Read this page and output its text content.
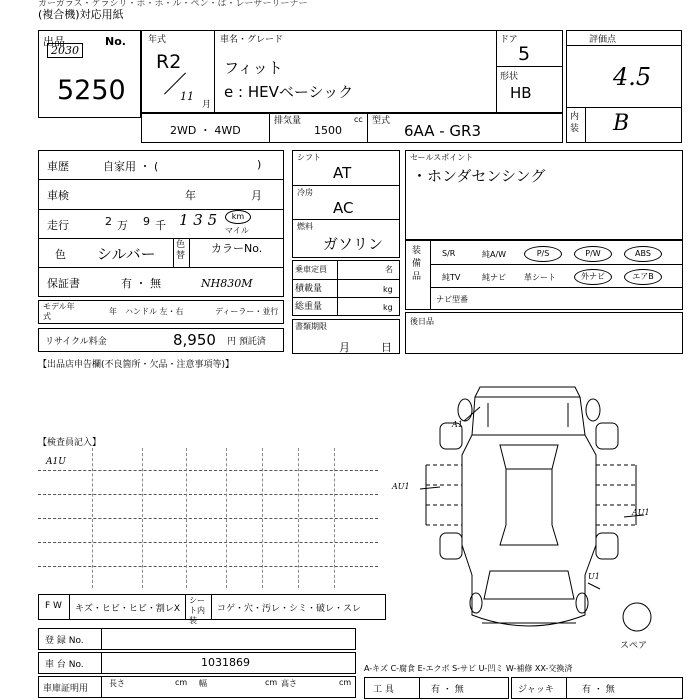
カーガラス・ケラシリ・ボ・ホ・ル・ペン・は・レーザーリーナー
(複合機)対応用紙
出品	No.
2030
5250
年式
R2
11
月
車名・グレード
フィット
e : HEVベーシック
ドア
5
形状
HB
2WD ・ 4WD
排気量
1500
cc 型式
6AA - GR3
評価点
4.5
内装 B
車歴	自家用 ・ (	)
車検	年	月
走行	2 万 9 千 1 3 5	km
マイル
色 シルバー 色替
カラーNo.
保証書	有 ・ 無	NH830M
モデル年式
年 ハンドル 左・右	ディーラー・並行
リサイクル料金	8,950 円 預託済
シフト
AT
冷房
AC
燃料
ガソリン
乗車定員	名
積載量	kg
総重量	kg
書類期限
月	日
セールスポイント
・ホンダセンシング
装備品
S/R	純A/W	P/S	P/W	ABS
純TV	純ナビ 革シート	外ナビ	エアB
ナビ型番
後日品
【出品店申告欄(不良箇所・欠品・注意事項等)】
【検査員記入】
A1U
A1
AU1
AU1
U1
スペア
F W キズ・ヒビ・ヒビ・割レX
シート内装
コゲ・穴・汚レ・シミ・破レ・スレ
登 録 No.
車 台 No.	1031869
車庫証明用
長さ	cm 幅	cm 高さ	cm
A-キズ C-腐食 E-エクボ S-サビ U-凹ミ W-補修 XX-交換済
工 具	有 ・ 無	ジャッキ	有 ・ 無
